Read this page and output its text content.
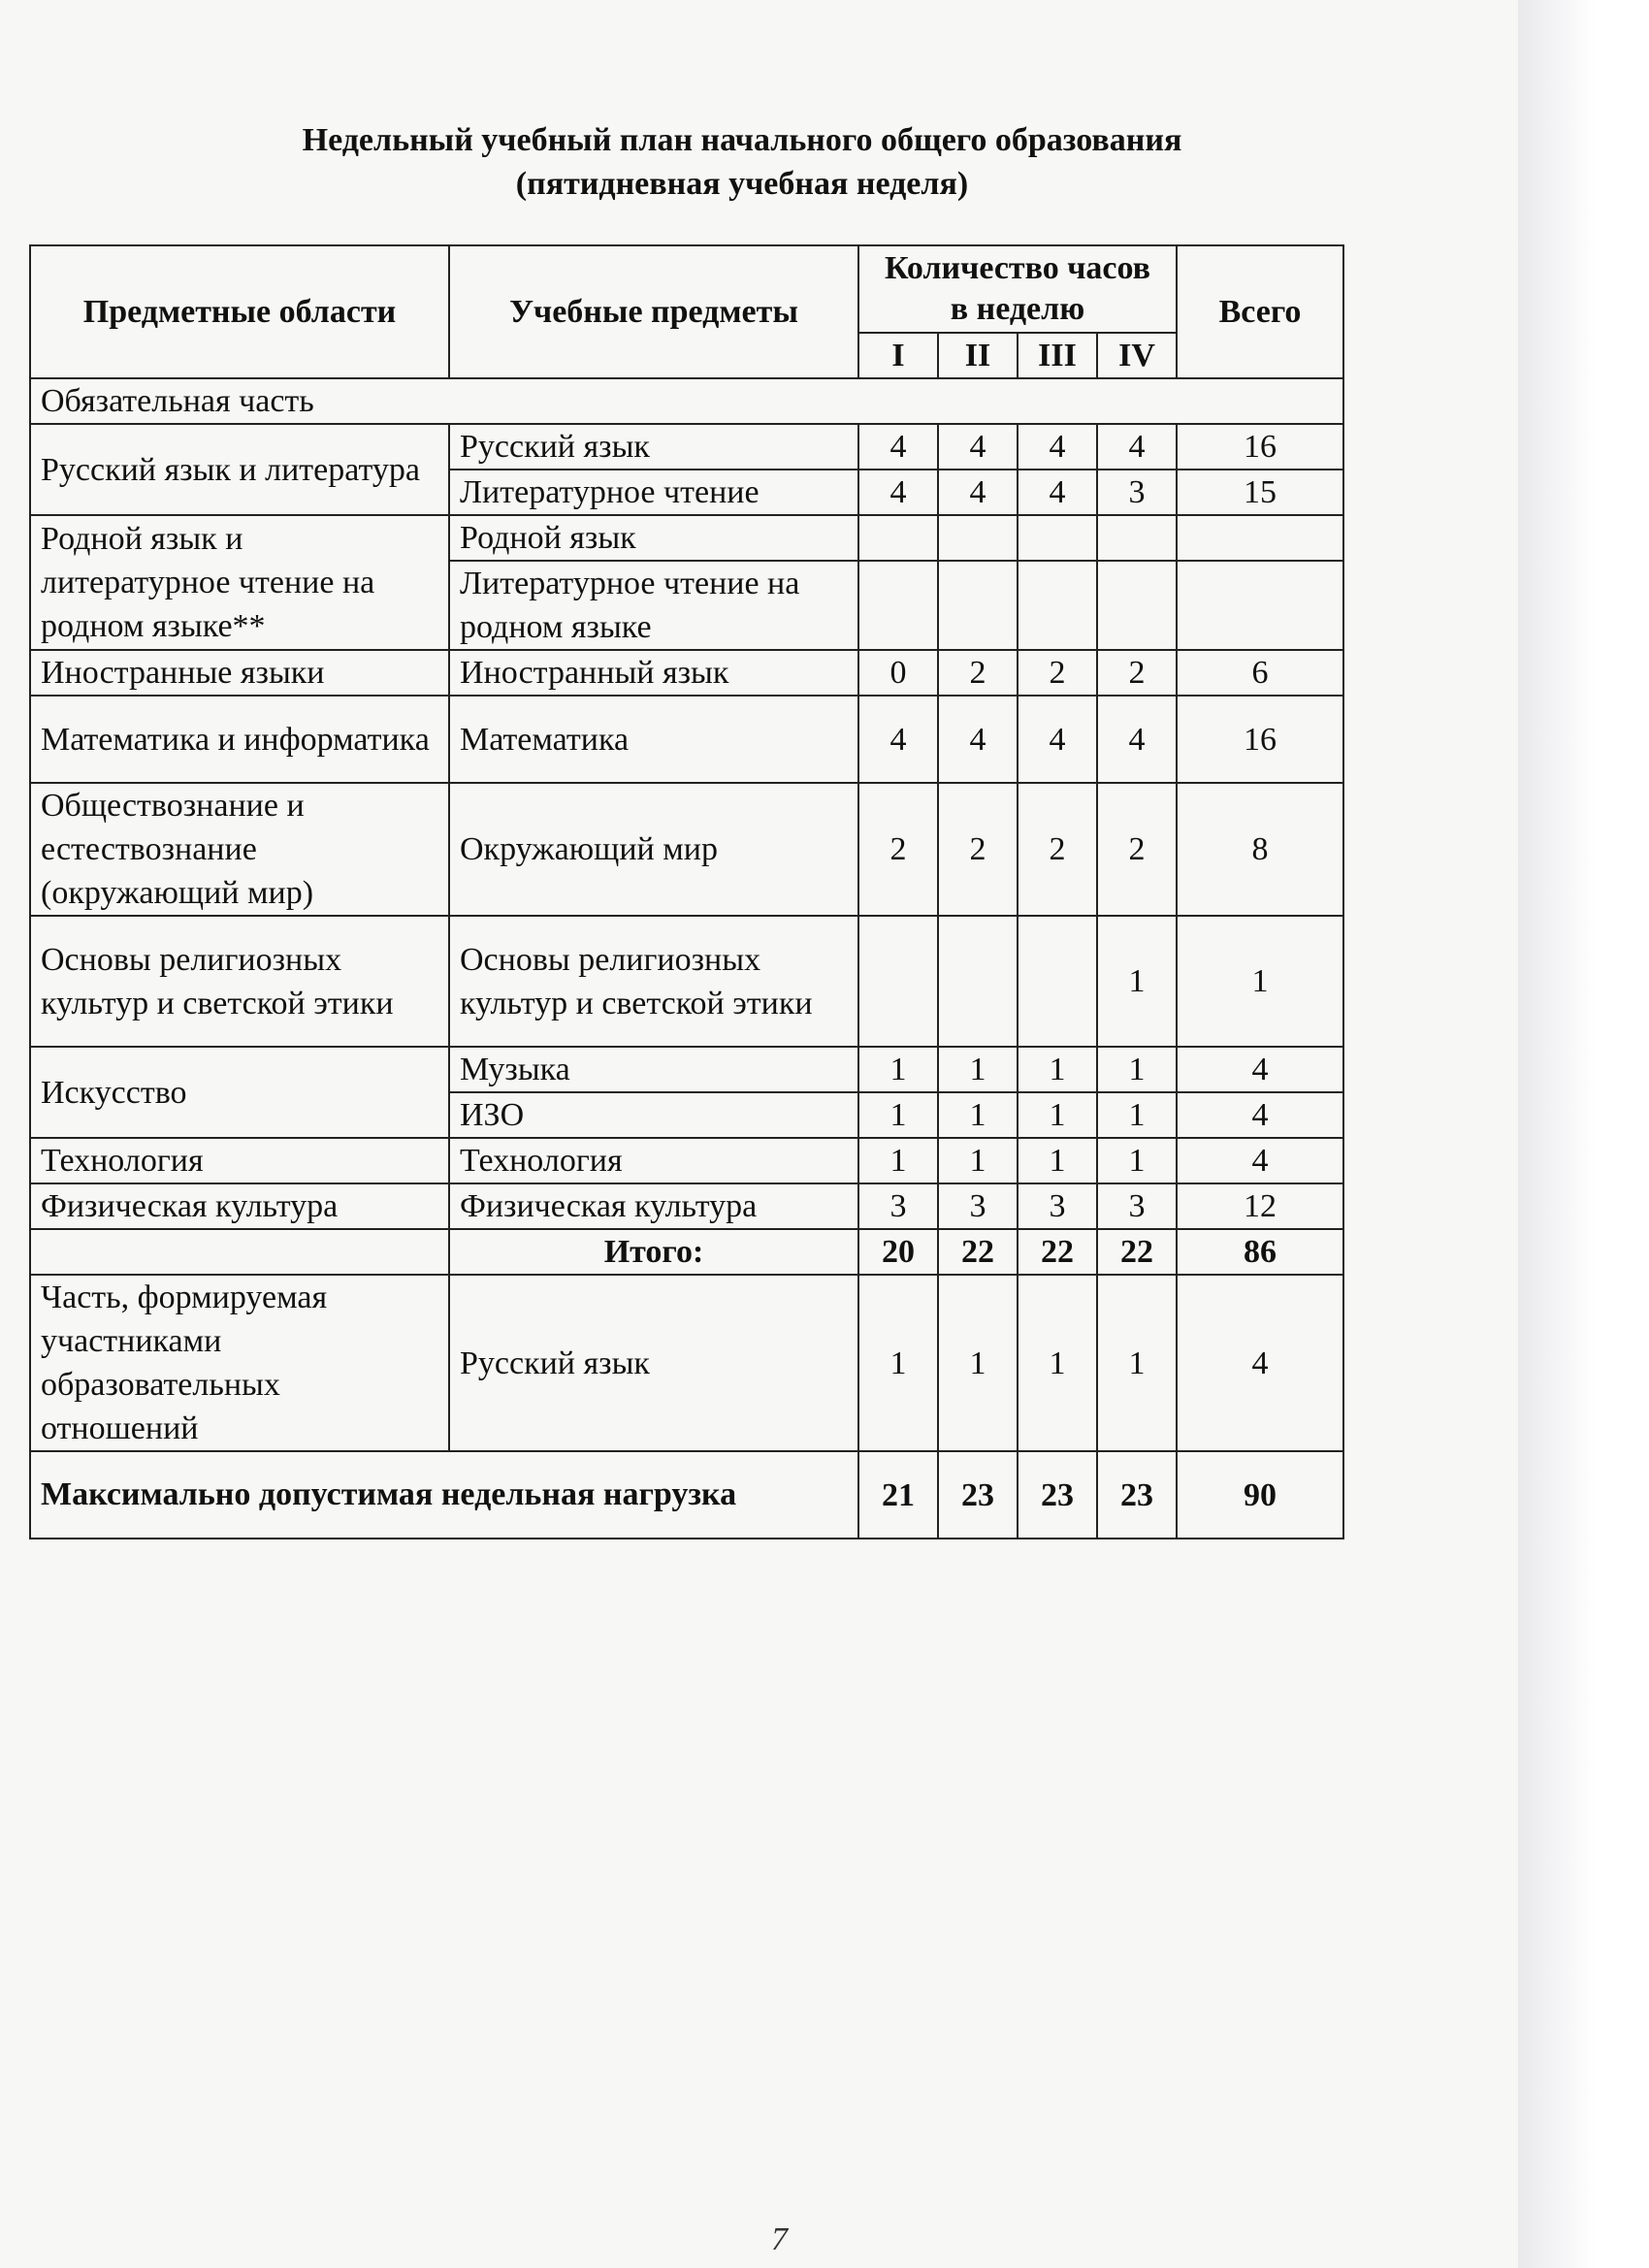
Недельный учебный план начального общего образования
(пятидневная учебная неделя)
Предметные области	Учебные предметы	Количество часов в неделю				Всего
		I	II	III	IV	
Обязательная часть						
Русский язык и литература	Русский язык	4	4	4	4	16
	Литературное чтение	4	4	4	3	15
Родной язык и литературное чтение на родном языке**	Родной язык					
	Литературное чтение на родном языке					
Иностранные языки	Иностранный язык	0	2	2	2	6
Математика и информатика	Математика	4	4	4	4	16
Обществознание и естествознание (окружающий мир)	Окружающий мир	2	2	2	2	8
Основы религиозных культур и светской этики	Основы религиозных культур и светской этики				1	1
Искусство	Музыка	1	1	1	1	4
	ИЗО	1	1	1	1	4
Технология	Технология	1	1	1	1	4
Физическая культура	Физическая культура	3	3	3	3	12
	Итого:	20	22	22	22	86
Часть, формируемая участниками образовательных отношений	Русский язык	1	1	1	1	4
Максимально допустимая недельная нагрузка		21	23	23	23	90
7
